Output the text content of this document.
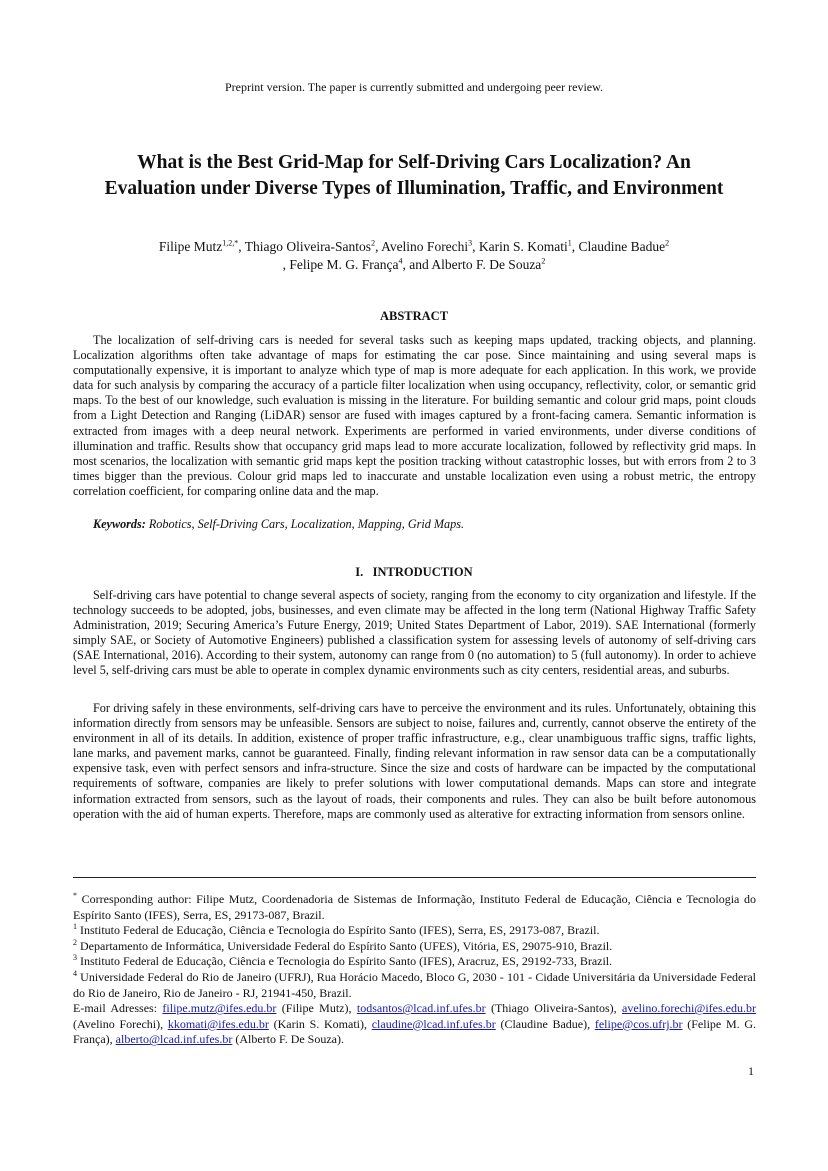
Preprint version. The paper is currently submitted and undergoing peer review.
What is the Best Grid-Map for Self-Driving Cars Localization? An Evaluation under Diverse Types of Illumination, Traffic, and Environment
Filipe Mutz$^{1,2,*}$, Thiago Oliveira-Santos$^2$, Avelino Forechi$^3$, Karin S. Komati$^1$, Claudine Badue$^2$
, Felipe M. G. França$^4$, and Alberto F. De Souza$^2$
ABSTRACT

The localization of self-driving cars is needed for several tasks such as keeping maps updated, tracking objects, and planning. Localization algorithms often take advantage of maps for estimating the car pose. Since maintaining and using several maps is computationally expensive, it is important to analyze which type of map is more adequate for each application. In this work, we provide data for such analysis by comparing the accuracy of a particle filter localization when using occupancy, reflectivity, color, or semantic grid maps. To the best of our knowledge, such evaluation is missing in the literature. For building semantic and colour grid maps, point clouds from a Light Detection and Ranging (LiDAR) sensor are fused with images captured by a front-facing camera. Semantic information is extracted from images with a deep neural network. Experiments are performed in varied environments, under diverse conditions of illumination and traffic. Results show that occupancy grid maps lead to more accurate localization, followed by reflectivity grid maps. In most scenarios, the localization with semantic grid maps kept the position tracking without catastrophic losses, but with errors from 2 to 3 times bigger than the previous. Colour grid maps led to inaccurate and unstable localization even using a robust metric, the entropy correlation coefficient, for comparing online data and the map.

Keywords: Robotics, Self-Driving Cars, Localization, Mapping, Grid Maps.
I.   INTRODUCTION

Self-driving cars have potential to change several aspects of society, ranging from the economy to city organization and lifestyle. If the technology succeeds to be adopted, jobs, businesses, and even climate may be affected in the long term (National Highway Traffic Safety Administration, 2019; Securing America’s Future Energy, 2019; United States Department of Labor, 2019). SAE International (formerly simply SAE, or Society of Automotive Engineers) published a classification system for assessing levels of autonomy of self-driving cars (SAE International, 2016). According to their system, autonomy can range from 0 (no automation) to 5 (full autonomy). In order to achieve level 5, self-driving cars must be able to operate in complex dynamic environments such as city centers, residential areas, and suburbs.

For driving safely in these environments, self-driving cars have to perceive the environment and its rules. Unfortunately, obtaining this information directly from sensors may be unfeasible. Sensors are subject to noise, failures and, currently, cannot observe the entirety of the environment in all of its details. In addition, existence of proper traffic infrastructure, e.g., clear unambiguous traffic signs, traffic lights, lane marks, and pavement marks, cannot be guaranteed. Finally, finding relevant information in raw sensor data can be a computationally expensive task, even with perfect sensors and infra-structure. Since the size and costs of hardware can be impacted by the computational requirements of software, companies are likely to prefer solutions with lower computational demands. Maps can store and integrate information extracted from sensors, such as the layout of roads, their components and rules. They can also be built before autonomous operation with the aid of human experts. Therefore, maps are commonly used as alterative for extracting information from sensors online.

* Corresponding author: Filipe Mutz, Coordenadoria de Sistemas de Informação, Instituto Federal de Educação, Ciência e Tecnologia do Espírito Santo (IFES), Serra, ES, 29173-087, Brazil.

$^1$ Instituto Federal de Educação, Ciência e Tecnologia do Espírito Santo (IFES), Serra, ES, 29173-087, Brazil.

$^2$ Departamento de Informática, Universidade Federal do Espírito Santo (UFES), Vitória, ES, 29075-910, Brazil.

$^3$ Instituto Federal de Educação, Ciência e Tecnologia do Espírito Santo (IFES), Aracruz, ES, 29192-733, Brazil.

$^4$ Universidade Federal do Rio de Janeiro (UFRJ), Rua Horácio Macedo, Bloco G, 2030 - 101 - Cidade Universitária da Universidade Federal do Rio de Janeiro, Rio de Janeiro - RJ, 21941-450, Brazil.

E-mail Adresses: filipe.mutz@ifes.edu.br (Filipe Mutz), todsantos@lcad.inf.ufes.br (Thiago Oliveira-Santos), avelino.forechi@ifes.edu.br (Avelino Forechi), kkomati@ifes.edu.br (Karin S. Komati), claudine@lcad.inf.ufes.br (Claudine Badue), felipe@cos.ufrj.br (Felipe M. G. França), alberto@lcad.inf.ufes.br (Alberto F. De Souza).

1
